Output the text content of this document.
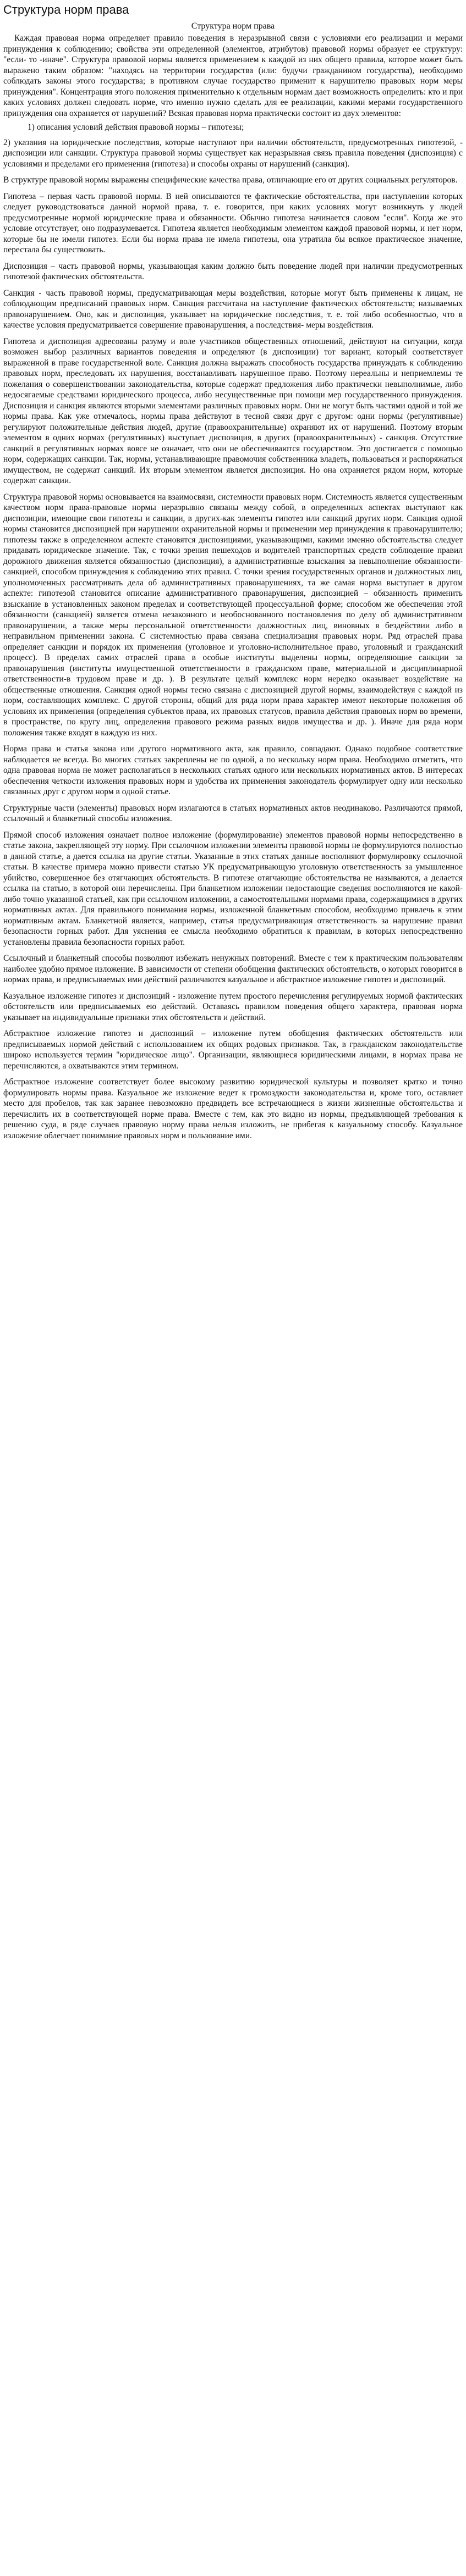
Структура норм права
Структура норм права

Каждая правовая норма определяет правило поведения в неразрывной связи с условиями его реализации и мерами принуждения к соблюдению; свойства эти определенной (элементов, атрибутов) правовой нормы образует ее структуру: "если- то -иначе". Структура правовой нормы является применением к каждой из них общего правила, которое может быть выражено таким образом: "находясь на территории государства (или: будучи гражданином государства), необходимо соблюдать законы этого государства; в противном случае государство применит к нарушителю правовых норм меры принуждения". Концентрация этого положения применительно к отдельным нормам дает возможность определить: кто и при каких условиях должен следовать норме, что именно нужно сделать для ее реализации, какими мерами государственного принуждения она охраняется от нарушений? Всякая правовая норма практически состоит из двух элементов:

1) описания условий действия правовой нормы – гипотезы;

2) указания на юридические последствия, которые наступают при наличии обстоятельств, предусмотренных гипотезой, - диспозиции или санкции. Структура правовой нормы существует как неразрывная связь правила поведения (диспозиция) с условиями и пределами его применения (гипотеза) и способы охраны от нарушений (санкция).

В структуре правовой нормы выражены специфические качества права, отличающие его от других социальных регуляторов.

Гипотеза – первая часть правовой нормы. В ней описываются те фактические обстоятельства, при наступлении которых следует руководствоваться данной нормой права, т. е. говорится, при каких условиях могут возникнуть у людей предусмотренные нормой юридические права и обязанности. Обычно гипотеза начинается словом "если". Когда же это условие отсутствует, оно подразумевается. Гипотеза является необходимым элементом каждой правовой нормы, и нет норм, которые бы не имели гипотез. Если бы норма права не имела гипотезы, она утратила бы всякое практическое значение, перестала бы существовать.

Диспозиция – часть правовой нормы, указывающая каким должно быть поведение людей при наличии предусмотренных гипотезой фактических обстоятельств.

Санкция - часть правовой нормы, предусматривающая меры воздействия, которые могут быть применены к лицам, не соблюдающим предписаний правовых норм. Санкция рассчитана на наступление фактических обстоятельств; называемых правонарушением. Оно, как и диспозиция, указывает на юридические последствия, т. е. той либо особенностью, что в качестве условия предусматривается совершение правонарушения, а последствия- меры воздействия.

Гипотеза и диспозиция адресованы разуму и воле участников общественных отношений, действуют на ситуации, когда возможен выбор различных вариантов поведения и определяют (в диспозиции) тот вариант, который соответствует выраженной в праве государственной воле. Санкция должна выражать способность государства принуждать к соблюдению правовых норм, преследовать их нарушения, восстанавливать нарушенное право. Поэтому нереальны и неприемлемы те пожелания о совершенствовании законодательства, которые содержат предложения либо практически невыполнимые, либо недосягаемые средствами юридического процесса, либо несущественные при помощи мер государственного принуждения. Диспозиция и санкция являются вторыми элементами различных правовых норм. Они не могут быть частями одной и той же нормы права. Как уже отмечалось, нормы права действуют в тесной связи друг с другом: одни нормы (регулятивные) регулируют положительные действия людей, другие (правоохранительные) охраняют их от нарушений. Поэтому вторым элементом в одних нормах (регулятивных) выступает диспозиция, в других (правоохранительных) - санкция. Отсутствие санкций в регулятивных нормах вовсе не означает, что они не обеспечиваются государством. Это достигается с помощью норм, содержащих санкции. Так, нормы, устанавливающие правомочия собственника владеть, пользоваться и распоряжаться имуществом, не содержат санкций. Их вторым элементом является диспозиция. Но она охраняется рядом норм, которые содержат санкции.

Структура правовой нормы основывается на взаимосвязи, системности правовых норм. Системность является существенным качеством норм права-правовые нормы неразрывно связаны между собой, в определенных аспектах выступают как диспозиции, имеющие свои гипотезы и санкции, в других-как элементы гипотез или санкций других норм. Санкция одной нормы становится диспозицией при нарушении охранительной нормы и применении мер принуждения к правонарушителю; гипотезы также в определенном аспекте становятся диспозициями, указывающими, какими именно обстоятельства следует придавать юридическое значение. Так, с точки зрения пешеходов и водителей транспортных средств соблюдение правил дорожного движения является обязанностью (диспозиция), а административные взыскания за невыполнение обязанности-санкцией, способом принуждения к соблюдению этих правил. С точки зрения государственных органов и должностных лиц, уполномоченных рассматривать дела об административных правонарушениях, та же самая норма выступает в другом аспекте: гипотезой становится описание административного правонарушения, диспозицией – обязанность применить взыскание в установленных законом пределах и соответствующей процессуальной форме; способом же обеспечения этой обязанности (санкцией) является отмена незаконного и необоснованного постановления по делу об административном правонарушении, а также меры персональной ответственности должностных лиц, виновных в бездействии либо в неправильном применении закона. С системностью права связана специализация правовых норм. Ряд отраслей права определяет санкции и порядок их применения (уголовное и уголовно-исполнительное право, уголовный и гражданский процесс). В пределах самих отраслей права в особые институты выделены нормы, определяющие санкции за правонарушения (институты имущественной ответственности в гражданском праве, материальной и дисциплинарной ответственности-в трудовом праве и др. ). В результате целый комплекс норм нередко оказывает воздействие на общественные отношения. Санкция одной нормы тесно связана с диспозицией другой нормы, взаимодействуя с каждой из норм, составляющих комплекс. С другой стороны, общий для ряда норм права характер имеют некоторые положения об условиях их применения (определения субъектов права, их правовых статусов, правила действия правовых норм во времени, в пространстве, по кругу лиц, определения правового режима разных видов имущества и др. ). Иначе для ряда норм положения также входят в каждую из них.

Норма права и статья закона или другого нормативного акта, как правило, совпадают. Однако подобное соответствие наблюдается не всегда. Во многих статьях закреплены не по одной, а по нескольку норм права. Необходимо отметить, что одна правовая норма не может располагаться в нескольких статьях одного или нескольких нормативных актов. В интересах обеспечения четкости изложения правовых норм и удобства их применения законодатель формулирует одну или несколько связанных друг с другом норм в одной статье.

Структурные части (элементы) правовых норм излагаются в статьях нормативных актов неодинаково. Различаются прямой, ссылочный и бланкетный способы изложения.

Прямой способ изложения означает полное изложение (формулирование) элементов правовой нормы непосредственно в статье закона, закрепляющей эту норму. При ссылочном изложении элементы правовой нормы не формулируются полностью в данной статье, а дается ссылка на другие статьи. Указанные в этих статьях данные восполняют формулировку ссылочной статьи. В качестве примера можно привести статью УК предусматривающую уголовную ответственность за умышленное убийство, совершенное без отягчающих обстоятельств. В гипотезе отягчающие обстоятельства не называются, а делается ссылка на статью, в которой они перечислены. При бланкетном изложении недостающие сведения восполняются не какой-либо точно указанной статьей, как при ссылочном изложении, а самостоятельными нормами права, содержащимися в других нормативных актах. Для правильного понимания нормы, изложенной бланкетным способом, необходимо привлечь к этим нормативным актам. Бланкетной является, например, статья предусматривающая ответственность за нарушение правил безопасности горных работ. Для уяснения ее смысла необходимо обратиться к правилам, в которых непосредственно установлены правила безопасности горных работ.

Ссылочный и бланкетный способы позволяют избежать ненужных повторений. Вместе с тем к практическим пользователям наиболее удобно прямое изложение. В зависимости от степени обобщения фактических обстоятельств, о которых говорится в нормах права, и предписываемых ими действий различаются казуальное и абстрактное изложение гипотез и диспозиций.

Казуальное изложение гипотез и диспозиций - изложение путем простого перечисления регулируемых нормой фактических обстоятельств или предписываемых ею действий. Оставаясь правилом поведения общего характера, правовая норма указывает на индивидуальные признаки этих обстоятельств и действий.

Абстрактное изложение гипотез и диспозиций – изложение путем обобщения фактических обстоятельств или предписываемых нормой действий с использованием их общих родовых признаков. Так, в гражданском законодательстве широко используется термин "юридическое лицо". Организации, являющиеся юридическими лицами, в нормах права не перечисляются, а охватываются этим термином.

Абстрактное изложение соответствует более высокому развитию юридической культуры и позволяет кратко и точно формулировать нормы права. Казуальное же изложение ведет к громоздкости законодательства и, кроме того, оставляет место для пробелов, так как заранее невозможно предвидеть все встречающиеся в жизни жизненные обстоятельства и перечислить их в соответствующей норме права. Вместе с тем, как это видно из нормы, предъявляющей требования к решению суда, в ряде случаев правовую норму права нельзя изложить, не прибегая к казуальному способу. Казуальное изложение облегчает понимание правовых норм и пользование ими.
